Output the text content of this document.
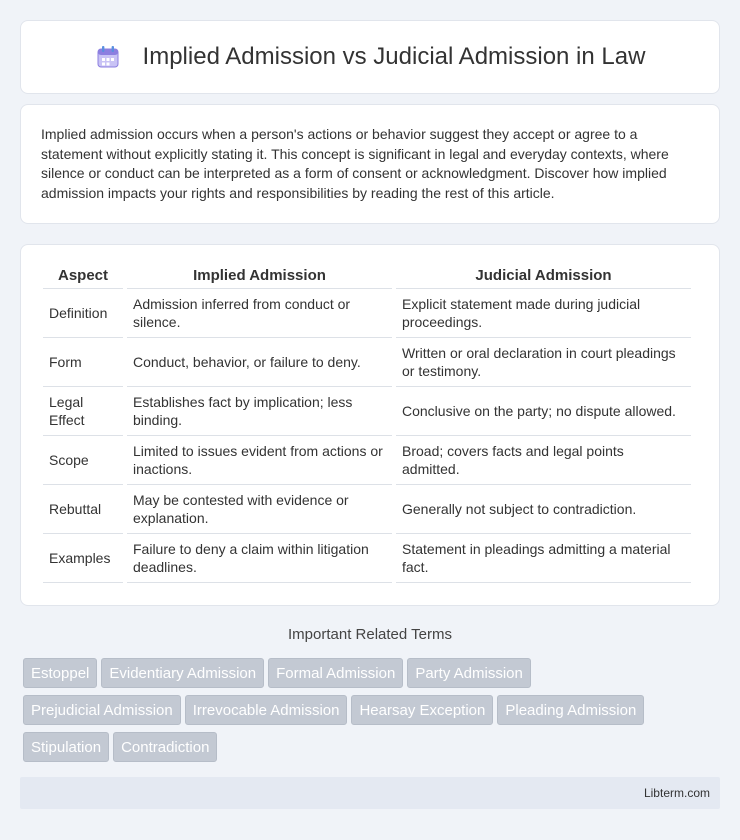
Implied Admission vs Judicial Admission in Law

Implied admission occurs when a person's actions or behavior suggest they accept or agree to a statement without explicitly stating it. This concept is significant in legal and everyday contexts, where silence or conduct can be interpreted as a form of consent or acknowledgment. Discover how implied admission impacts your rights and responsibilities by reading the rest of this article.

Aspect	Implied Admission	Judicial Admission
Definition	Admission inferred from conduct or silence.	Explicit statement made during judicial proceedings.
Form	Conduct, behavior, or failure to deny.	Written or oral declaration in court pleadings or testimony.
Legal Effect	Establishes fact by implication; less binding.	Conclusive on the party; no dispute allowed.
Scope	Limited to issues evident from actions or inactions.	Broad; covers facts and legal points admitted.
Rebuttal	May be contested with evidence or explanation.	Generally not subject to contradiction.
Examples	Failure to deny a claim within litigation deadlines.	Statement in pleadings admitting a material fact.
Important Related Terms
Estoppel Evidentiary Admission Formal Admission Party Admission
Prejudicial Admission Irrevocable Admission Hearsay Exception Pleading Admission
Stipulation Contradiction
Libterm.com
